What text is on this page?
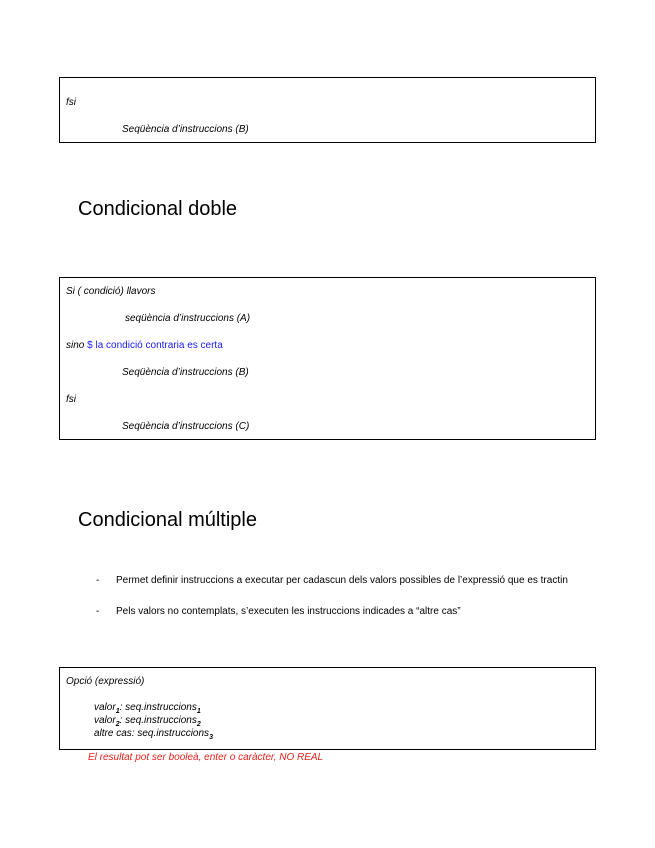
fsi
Seqüència d’instruccions (B)
Condicional doble
Si ( condició) llavors
seqüència d’instruccions (A)
sino $ la condició contraria es certa
Seqüència d’instruccions (B)
fsi
Seqüència d’instruccions (C)
Condicional múltiple
- Permet definir instruccions a executar per cadascun dels valors possibles de l’expressió que es tractin
- Pels valors no contemplats, s’executen les instruccions indicades a “altre cas”
Opció (expressió)
valor$_1$: seq.instruccions$_1$
valor$_2$: seq.instruccions$_2$
altre cas: seq.instruccions$_3$
El resultat pot ser booleà, enter o caràcter, NO REAL
